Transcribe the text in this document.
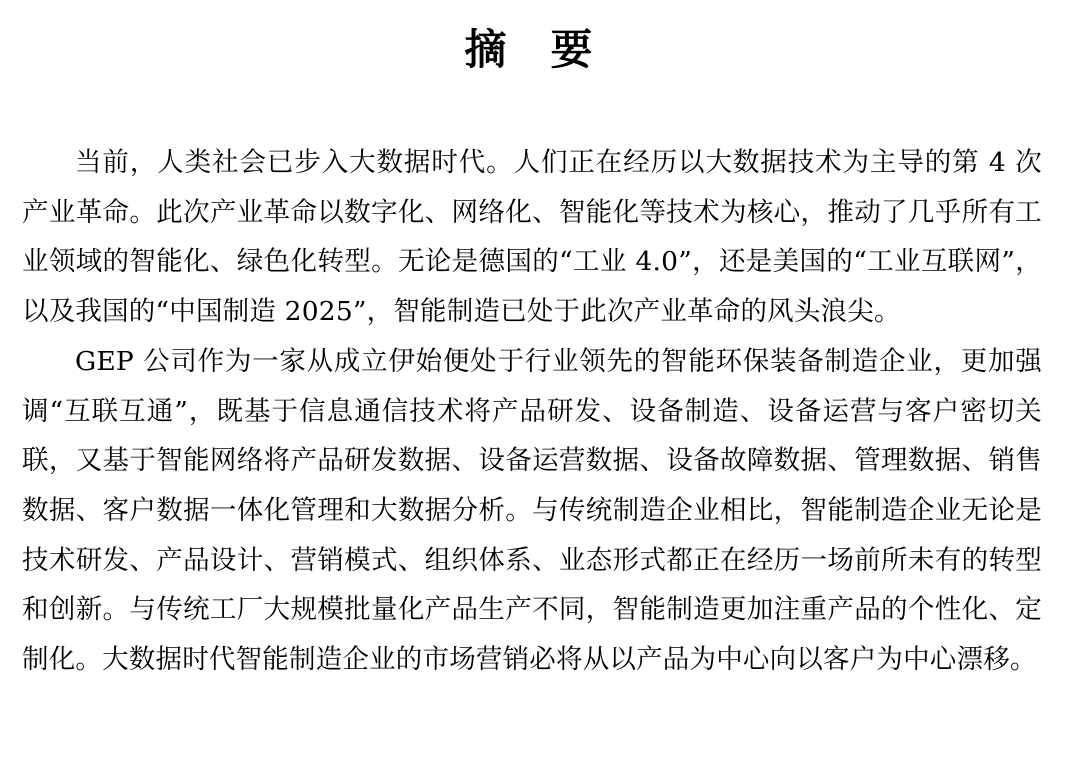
摘要

当前，人类社会已步入大数据时代。人们正在经历以大数据技术为主导的第 4 次产业革命。此次产业革命以数字化、网络化、智能化等技术为核心，推动了几乎所有工业领域的智能化、绿色化转型。无论是德国的“工业 4.0”，还是美国的“工业互联网”，以及我国的“中国制造 2025”，智能制造已处于此次产业革命的风头浪尖。

GEP 公司作为一家从成立伊始便处于行业领先的智能环保装备制造企业，更加强调“互联互通”，既基于信息通信技术将产品研发、设备制造、设备运营与客户密切关联，又基于智能网络将产品研发数据、设备运营数据、设备故障数据、管理数据、销售数据、客户数据一体化管理和大数据分析。与传统制造企业相比，智能制造企业无论是技术研发、产品设计、营销模式、组织体系、业态形式都正在经历一场前所未有的转型和创新。与传统工厂大规模批量化产品生产不同，智能制造更加注重产品的个性化、定制化。大数据时代智能制造企业的市场营销必将从以产品为中心向以客户为中心漂移。
